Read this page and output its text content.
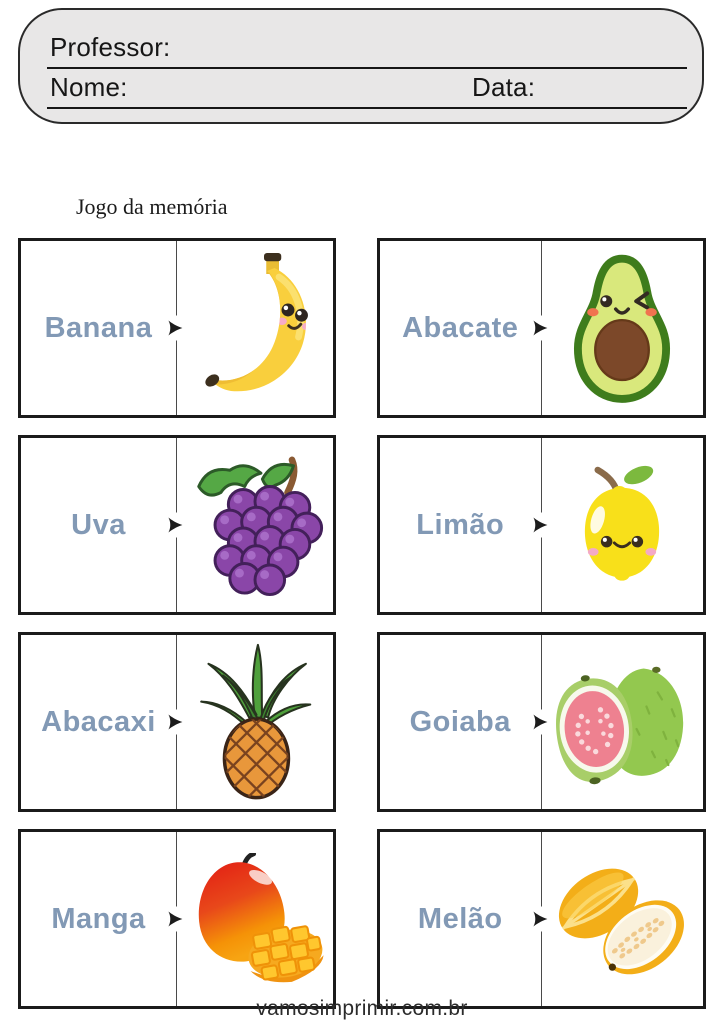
Professor:
Nome:	Data:
Jogo da memória
Banana	Abacate
Uva	Limão
Abacaxi	Goiaba
Manga	Melão
vamosimprimir.com.br
